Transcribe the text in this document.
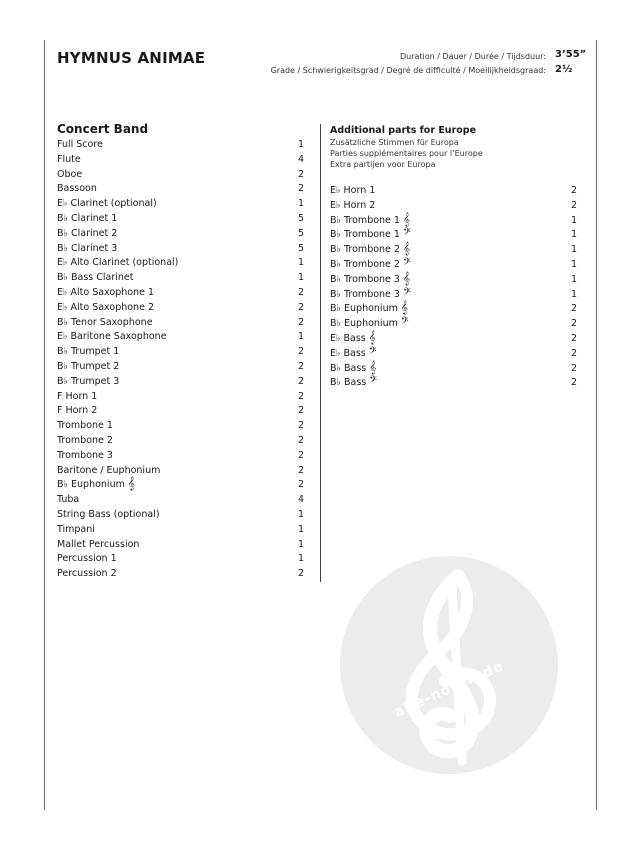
HYMNUS ANIMAE	Duration / Dauer / Durée / Tijdsduur: 3’55”
Grade / Schwierigkeitsgrad / Degré de difficulté / Moeilijkheidsgraad: 2½
Concert Band
Full Score	1
Flute	4
Oboe	2
Bassoon	2
E♭ Clarinet (optional)	1
B♭ Clarinet 1	5
B♭ Clarinet 2	5
B♭ Clarinet 3	5
E♭ Alto Clarinet (optional)	1
B♭ Bass Clarinet	1
E♭ Alto Saxophone 1	2
E♭ Alto Saxophone 2	2
B♭ Tenor Saxophone	2
E♭ Baritone Saxophone	1
B♭ Trumpet 1	2
B♭ Trumpet 2	2
B♭ Trumpet 3	2
F Horn 1	2
F Horn 2	2
Trombone 1	2
Trombone 2	2
Trombone 3	2
Baritone / Euphonium	2
B♭ Euphonium 𝄞	2
Tuba	4
String Bass (optional)	1
Timpani	1
Mallet Percussion	1
Percussion 1	1
Percussion 2	2
Additional parts for Europe
Zusätzliche Stimmen für Europa
Parties supplémentaires pour l’Europe
Extra partijen voor Europa
E♭ Horn 1	2
E♭ Horn 2	2
B♭ Trombone 1 𝄞	1
B♭ Trombone 1 𝄢	1
B♭ Trombone 2 𝄞	1
B♭ Trombone 2 𝄢	1
B♭ Trombone 3 𝄞	1
B♭ Trombone 3 𝄢	1
B♭ Euphonium 𝄞	2
B♭ Euphonium 𝄢	2
E♭ Bass 𝄞	2
E♭ Bass 𝄢	2
B♭ Bass 𝄞	2
B♭ Bass 𝄢	2
alle-noten.de
